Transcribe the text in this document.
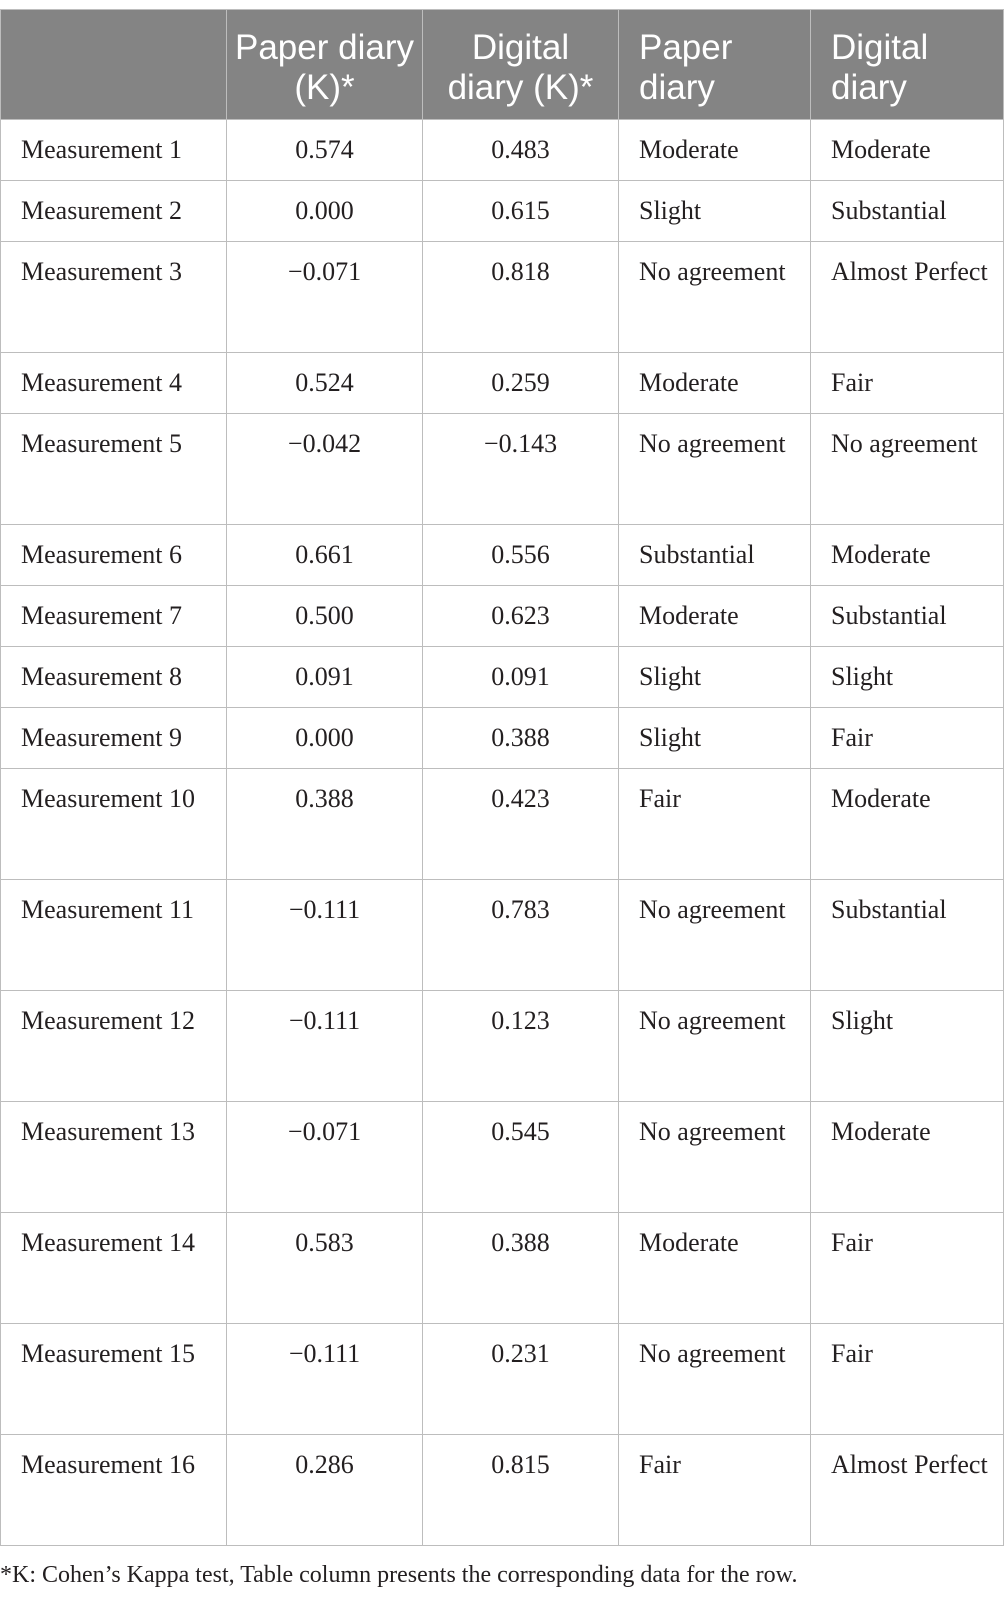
	Paper diary (K)*	Digital diary (K)*	Paper diary	Digital diary
Measurement 1	0.574	0.483	Moderate	Moderate
Measurement 2	0.000	0.615	Slight	Substantial
Measurement 3	−0.071	0.818	No agreement	Almost Perfect
Measurement 4	0.524	0.259	Moderate	Fair
Measurement 5	−0.042	−0.143	No agreement	No agreement
Measurement 6	0.661	0.556	Substantial	Moderate
Measurement 7	0.500	0.623	Moderate	Substantial
Measurement 8	0.091	0.091	Slight	Slight
Measurement 9	0.000	0.388	Slight	Fair
Measurement 10	0.388	0.423	Fair	Moderate
Measurement 11	−0.111	0.783	No agreement	Substantial
Measurement 12	−0.111	0.123	No agreement	Slight
Measurement 13	−0.071	0.545	No agreement	Moderate
Measurement 14	0.583	0.388	Moderate	Fair
Measurement 15	−0.111	0.231	No agreement	Fair
Measurement 16	0.286	0.815	Fair	Almost Perfect
*K: Cohen’s Kappa test, Table column presents the corresponding data for the row.
